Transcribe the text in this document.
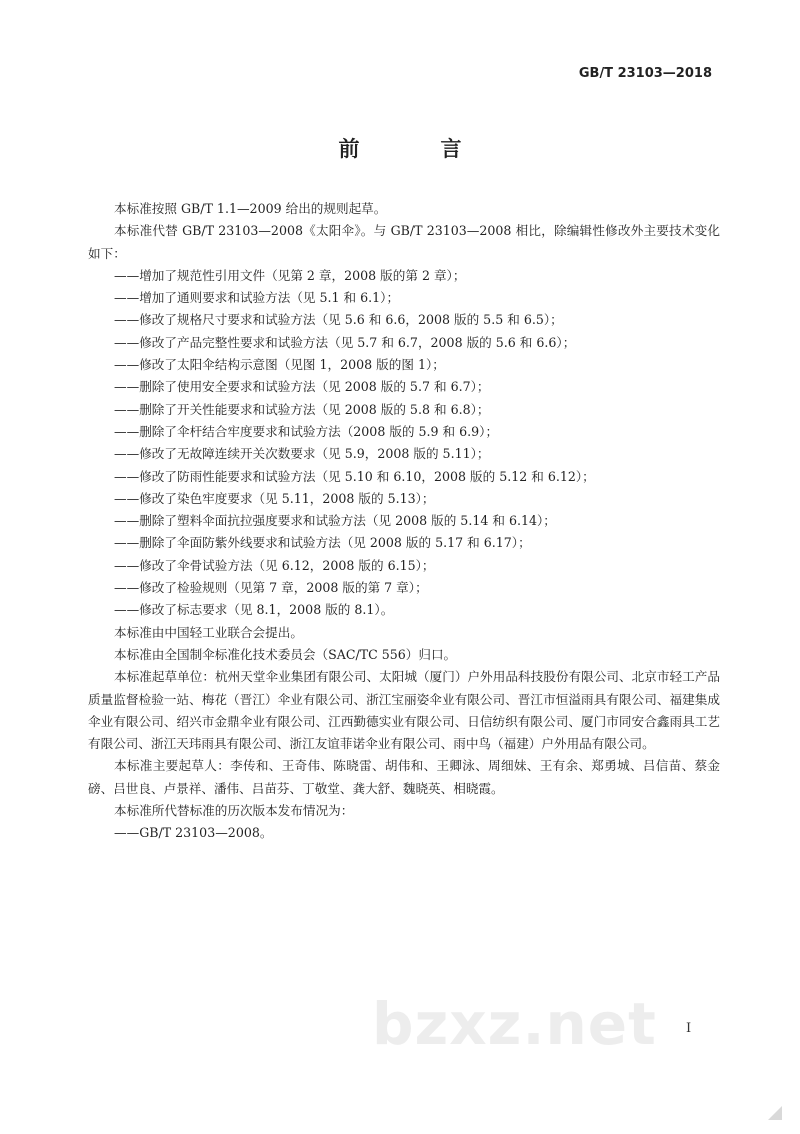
GB/T 23103—2018
前　言
本标准按照 GB/T 1.1—2009 给出的规则起草。
本标准代替 GB/T 23103—2008《太阳伞》。与 GB/T 23103—2008 相比，除编辑性修改外主要技术变化如下：
——增加了规范性引用文件（见第 2 章，2008 版的第 2 章）；
——增加了通则要求和试验方法（见 5.1 和 6.1）；
——修改了规格尺寸要求和试验方法（见 5.6 和 6.6，2008 版的 5.5 和 6.5）；
——修改了产品完整性要求和试验方法（见 5.7 和 6.7，2008 版的 5.6 和 6.6）；
——修改了太阳伞结构示意图（见图 1，2008 版的图 1）；
——删除了使用安全要求和试验方法（见 2008 版的 5.7 和 6.7）；
——删除了开关性能要求和试验方法（见 2008 版的 5.8 和 6.8）；
——删除了伞杆结合牢度要求和试验方法（2008 版的 5.9 和 6.9）；
——修改了无故障连续开关次数要求（见 5.9，2008 版的 5.11）；
——修改了防雨性能要求和试验方法（见 5.10 和 6.10，2008 版的 5.12 和 6.12）；
——修改了染色牢度要求（见 5.11，2008 版的 5.13）；
——删除了塑料伞面抗拉强度要求和试验方法（见 2008 版的 5.14 和 6.14）；
——删除了伞面防紫外线要求和试验方法（见 2008 版的 5.17 和 6.17）；
——修改了伞骨试验方法（见 6.12，2008 版的 6.15）；
——修改了检验规则（见第 7 章，2008 版的第 7 章）；
——修改了标志要求（见 8.1，2008 版的 8.1）。
本标准由中国轻工业联合会提出。
本标准由全国制伞标准化技术委员会（SAC/TC 556）归口。
本标准起草单位：杭州天堂伞业集团有限公司、太阳城（厦门）户外用品科技股份有限公司、北京市轻工产品质量监督检验一站、梅花（晋江）伞业有限公司、浙江宝丽姿伞业有限公司、晋江市恒溢雨具有限公司、福建集成伞业有限公司、绍兴市金鼎伞业有限公司、江西勤德实业有限公司、日信纺织有限公司、厦门市同安合鑫雨具工艺有限公司、浙江天玮雨具有限公司、浙江友谊菲诺伞业有限公司、雨中鸟（福建）户外用品有限公司。
本标准主要起草人：李传和、王奇伟、陈晓雷、胡伟和、王卿泳、周细妹、王有余、郑勇城、吕信苗、蔡金磅、吕世良、卢景祥、潘伟、吕苗芬、丁敬堂、龚大舒、魏晓英、相晓霞。
本标准所代替标准的历次版本发布情况为：
——GB/T 23103—2008。
bzxz.net I
